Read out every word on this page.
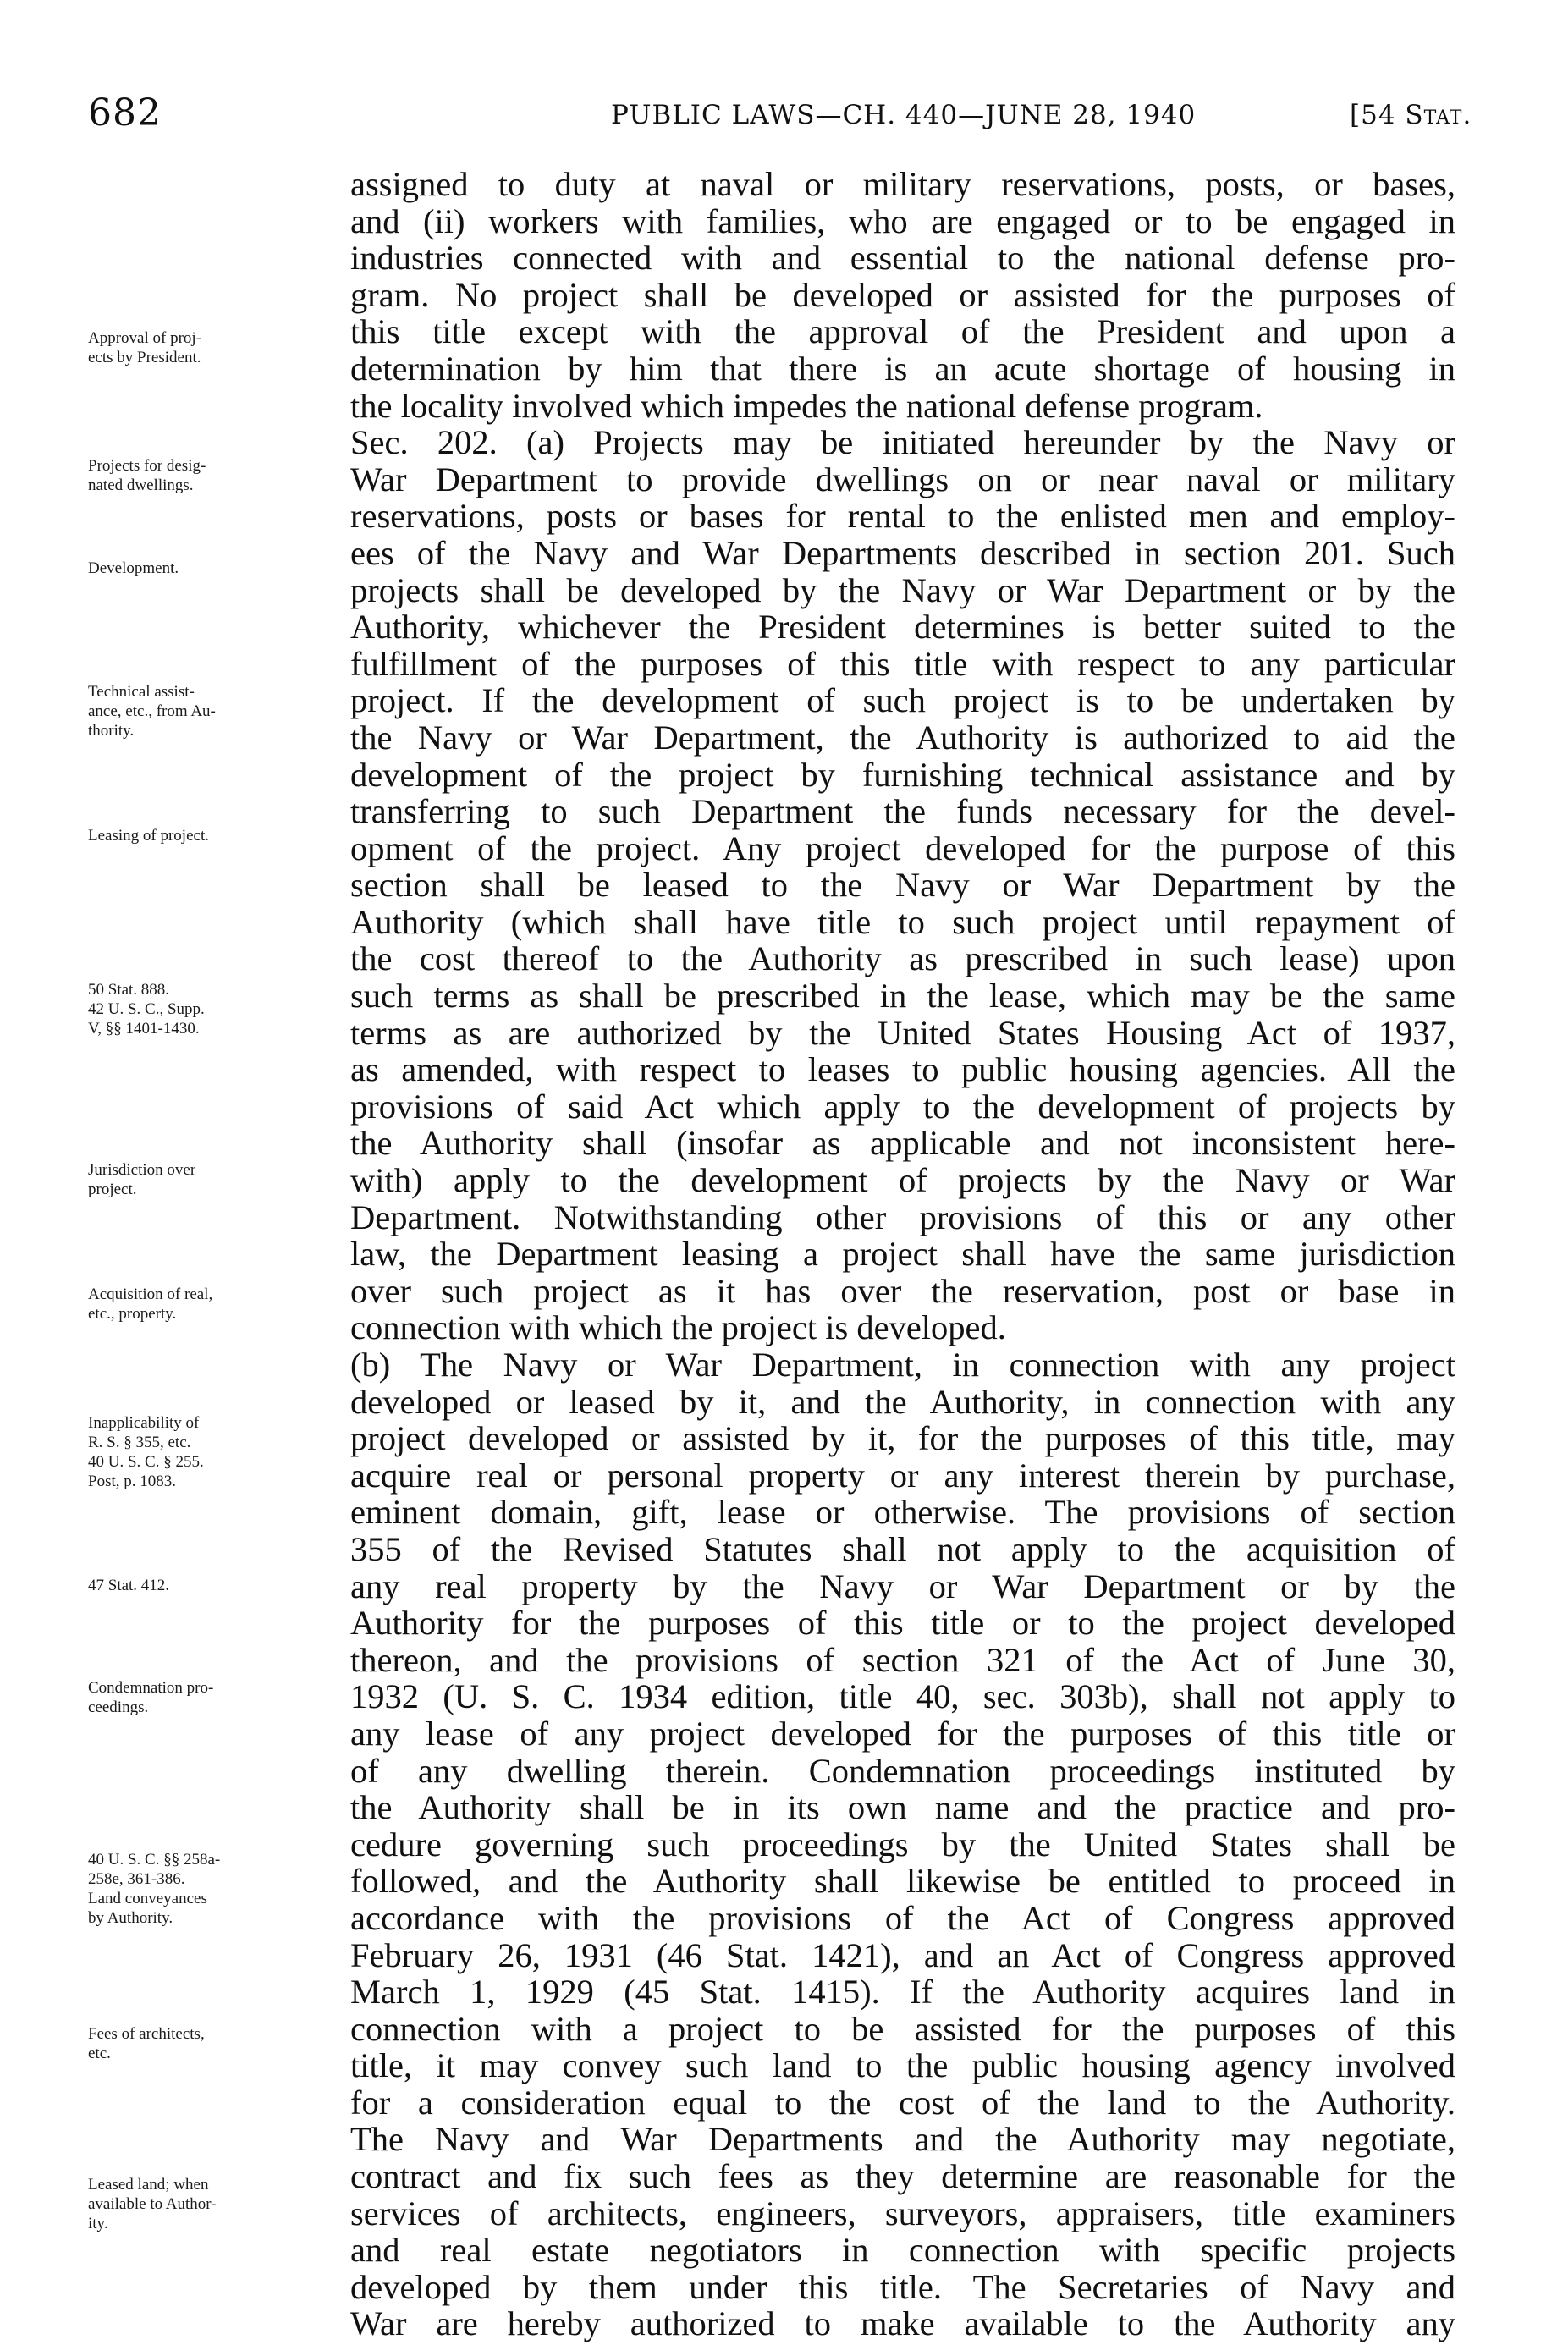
682	PUBLIC LAWS—CH. 440—JUNE 28, 1940	[54 Stat.
Approval of proj-
ects by President.
Projects for desig-
nated dwellings.
Development.
Technical assist-
ance, etc., from Au-
thority.
Leasing of project.
50 Stat. 888.
42 U. S. C., Supp.
V, §§ 1401-1430.
Jurisdiction over
project.
Acquisition of real,
etc., property.
Inapplicability of
R. S. § 355, etc.
40 U. S. C. § 255.
Post, p. 1083.
47 Stat. 412.
Condemnation pro-
ceedings.
40 U. S. C. §§ 258a-
258e, 361-386.
Land conveyances
by Authority.
Fees of architects,
etc.
Leased land; when
available to Author-
ity.
assigned to duty at naval or military reservations, posts, or bases,
and (ii) workers with families, who are engaged or to be engaged in
industries connected with and essential to the national defense pro-
gram. No project shall be developed or assisted for the purposes of
this title except with the approval of the President and upon a
determination by him that there is an acute shortage of housing in
the locality involved which impedes the national defense program.
Sec. 202. (a) Projects may be initiated hereunder by the Navy or
War Department to provide dwellings on or near naval or military
reservations, posts or bases for rental to the enlisted men and employ-
ees of the Navy and War Departments described in section 201. Such
projects shall be developed by the Navy or War Department or by the
Authority, whichever the President determines is better suited to the
fulfillment of the purposes of this title with respect to any particular
project. If the development of such project is to be undertaken by
the Navy or War Department, the Authority is authorized to aid the
development of the project by furnishing technical assistance and by
transferring to such Department the funds necessary for the devel-
opment of the project. Any project developed for the purpose of this
section shall be leased to the Navy or War Department by the
Authority (which shall have title to such project until repayment of
the cost thereof to the Authority as prescribed in such lease) upon
such terms as shall be prescribed in the lease, which may be the same
terms as are authorized by the United States Housing Act of 1937,
as amended, with respect to leases to public housing agencies. All the
provisions of said Act which apply to the development of projects by
the Authority shall (insofar as applicable and not inconsistent here-
with) apply to the development of projects by the Navy or War
Department. Notwithstanding other provisions of this or any other
law, the Department leasing a project shall have the same jurisdiction
over such project as it has over the reservation, post or base in
connection with which the project is developed.
(b) The Navy or War Department, in connection with any project
developed or leased by it, and the Authority, in connection with any
project developed or assisted by it, for the purposes of this title, may
acquire real or personal property or any interest therein by purchase,
eminent domain, gift, lease or otherwise. The provisions of section
355 of the Revised Statutes shall not apply to the acquisition of
any real property by the Navy or War Department or by the
Authority for the purposes of this title or to the project developed
thereon, and the provisions of section 321 of the Act of June 30,
1932 (U. S. C. 1934 edition, title 40, sec. 303b), shall not apply to
any lease of any project developed for the purposes of this title or
of any dwelling therein. Condemnation proceedings instituted by
the Authority shall be in its own name and the practice and pro-
cedure governing such proceedings by the United States shall be
followed, and the Authority shall likewise be entitled to proceed in
accordance with the provisions of the Act of Congress approved
February 26, 1931 (46 Stat. 1421), and an Act of Congress approved
March 1, 1929 (45 Stat. 1415). If the Authority acquires land in
connection with a project to be assisted for the purposes of this
title, it may convey such land to the public housing agency involved
for a consideration equal to the cost of the land to the Authority.
The Navy and War Departments and the Authority may negotiate,
contract and fix such fees as they determine are reasonable for the
services of architects, engineers, surveyors, appraisers, title examiners
and real estate negotiators in connection with specific projects
developed by them under this title. The Secretaries of Navy and
War are hereby authorized to make available to the Authority any
